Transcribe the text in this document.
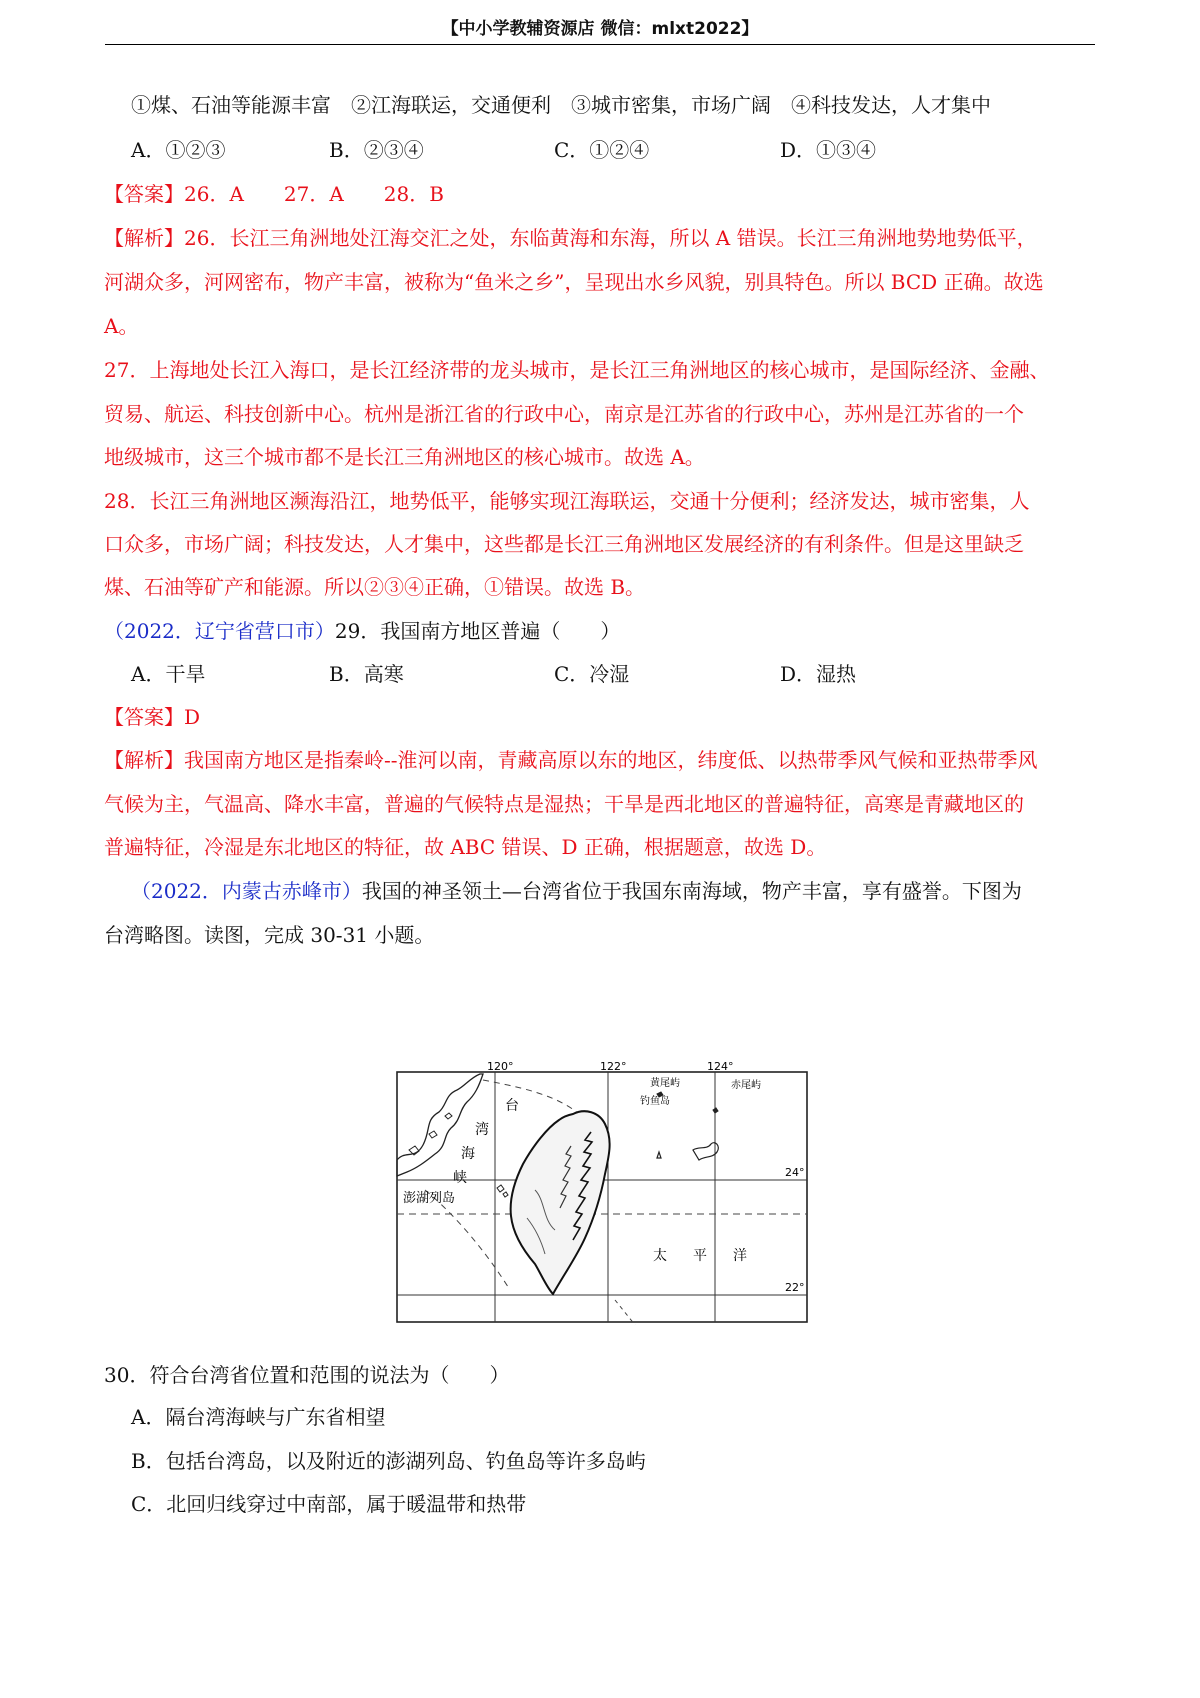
【中小学教辅资源店 微信：mlxt2022】
①煤、石油等能源丰富　②江海联运，交通便利　③城市密集，市场广阔　④科技发达，人才集中
A．①②③	B．②③④	C．①②④	D．①③④
【答案】26．A　　27．A　　28．B
【解析】26．长江三角洲地处江海交汇之处，东临黄海和东海，所以 A 错误。长江三角洲地势地势低平，
河湖众多，河网密布，物产丰富，被称为“鱼米之乡”，呈现出水乡风貌，别具特色。所以 BCD 正确。故选
A。
27．上海地处长江入海口，是长江经济带的龙头城市，是长江三角洲地区的核心城市，是国际经济、金融、
贸易、航运、科技创新中心。杭州是浙江省的行政中心，南京是江苏省的行政中心，苏州是江苏省的一个
地级城市，这三个城市都不是长江三角洲地区的核心城市。故选 A。
28．长江三角洲地区濒海沿江，地势低平，能够实现江海联运，交通十分便利；经济发达，城市密集，人
口众多，市场广阔；科技发达，人才集中，这些都是长江三角洲地区发展经济的有利条件。但是这里缺乏
煤、石油等矿产和能源。所以②③④正确，①错误。故选 B。
（2022．辽宁省营口市）29．我国南方地区普遍（　　）
A．干旱	B．高寒	C．冷湿	D．湿热
【答案】D
【解析】我国南方地区是指秦岭--淮河以南，青藏高原以东的地区，纬度低、以热带季风气候和亚热带季风
气候为主，气温高、降水丰富，普遍的气候特点是湿热；干旱是西北地区的普遍特征，高寒是青藏地区的
普遍特征，冷湿是东北地区的特征，故 ABC 错误、D 正确，根据题意，故选 D。
（2022．内蒙古赤峰市）我国的神圣领土—台湾省位于我国东南海域，物产丰富，享有盛誉。下图为
台湾略图。读图，完成 30-31 小题。
120°	122°	124°
24°
22°
台
湾
海
峡
澎湖列岛
黄尾屿
钓鱼岛
赤尾屿
太 平 洋
30．符合台湾省位置和范围的说法为（　　）
A．隔台湾海峡与广东省相望
B．包括台湾岛，以及附近的澎湖列岛、钓鱼岛等许多岛屿
C．北回归线穿过中南部，属于暖温带和热带
